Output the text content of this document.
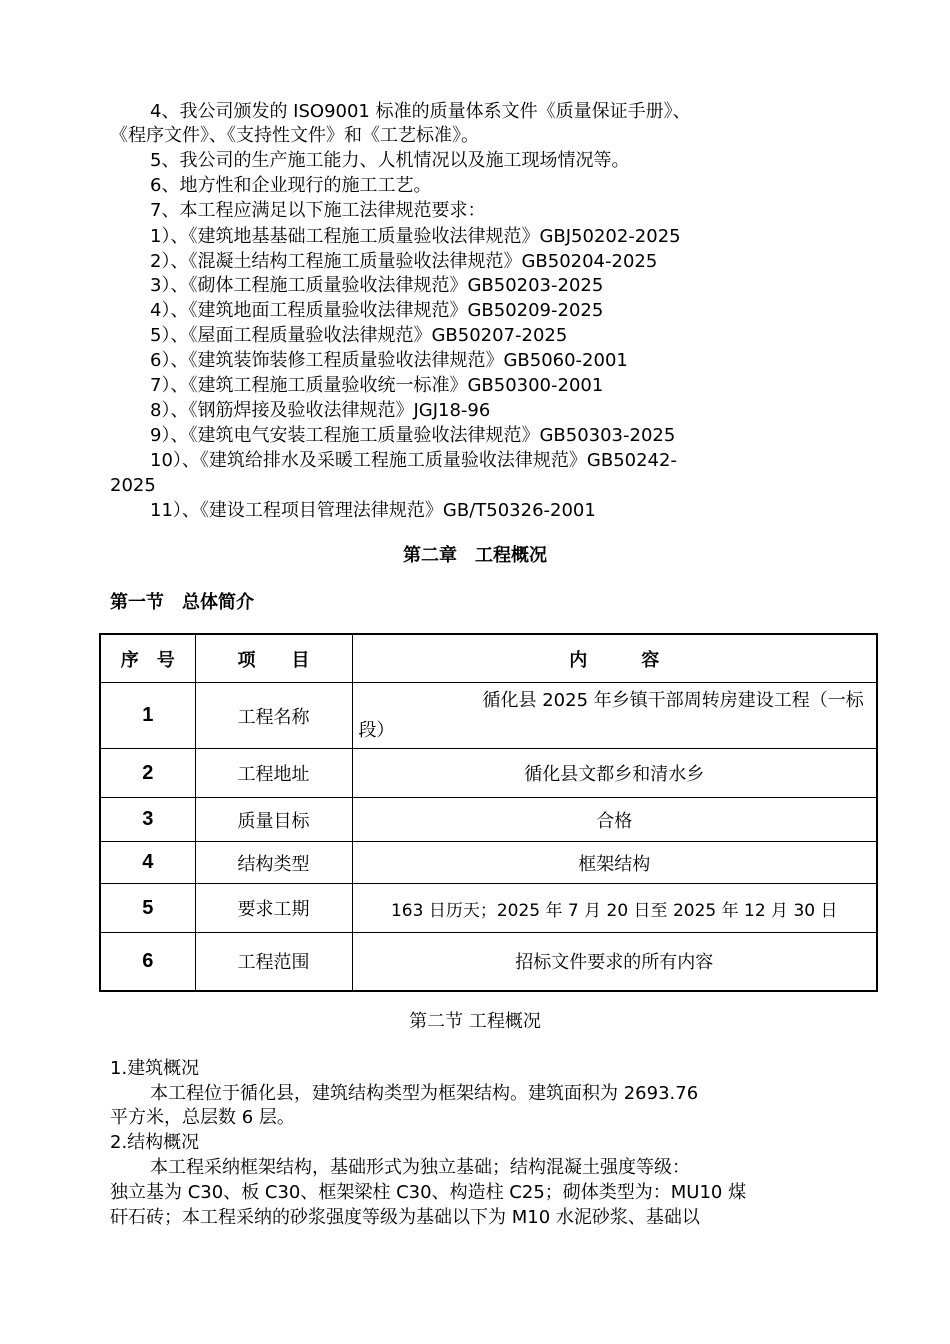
4、我公司颁发的 ISO9001 标准的质量体系文件《质量保证手册》、
《程序文件》、《支持性文件》和《工艺标准》。
5、我公司的生产施工能力、人机情况以及施工现场情况等。
6、地方性和企业现行的施工工艺。
7、本工程应满足以下施工法律规范要求：
1）、《建筑地基基础工程施工质量验收法律规范》GBJ50202-2025
2）、《混凝土结构工程施工质量验收法律规范》GB50204-2025
3）、《砌体工程施工质量验收法律规范》GB50203-2025
4）、《建筑地面工程质量验收法律规范》GB50209-2025
5）、《屋面工程质量验收法律规范》GB50207-2025
6）、《建筑装饰装修工程质量验收法律规范》GB5060-2001
7）、《建筑工程施工质量验收统一标准》GB50300-2001
8）、《钢筋焊接及验收法律规范》JGJ18-96
9）、《建筑电气安装工程施工质量验收法律规范》GB50303-2025
10）、《建筑给排水及采暖工程施工质量验收法律规范》GB50242-
2025
11）、《建设工程项目管理法律规范》GB/T50326-2001
第二章　工程概况
第一节　总体简介
序　号	项　　目	内　　　容
1	工程名称	循化县 2025 年乡镇干部周转房建设工程（一标段）

2	工程地址	循化县文都乡和清水乡
3	质量目标	合格
4	结构类型	框架结构
5	要求工期	163 日历天；2025 年 7 月 20 日至 2025 年 12 月 30 日
6	工程范围	招标文件要求的所有内容
第二节 工程概况
1.建筑概况
本工程位于循化县，建筑结构类型为框架结构。建筑面积为 2693.76
平方米，总层数 6 层。
2.结构概况
本工程采纳框架结构，基础形式为独立基础；结构混凝土强度等级：
独立基为 C30、板 C30、框架梁柱 C30、构造柱 C25；砌体类型为：MU10 煤
矸石砖；本工程采纳的砂浆强度等级为基础以下为 M10 水泥砂浆、基础以
